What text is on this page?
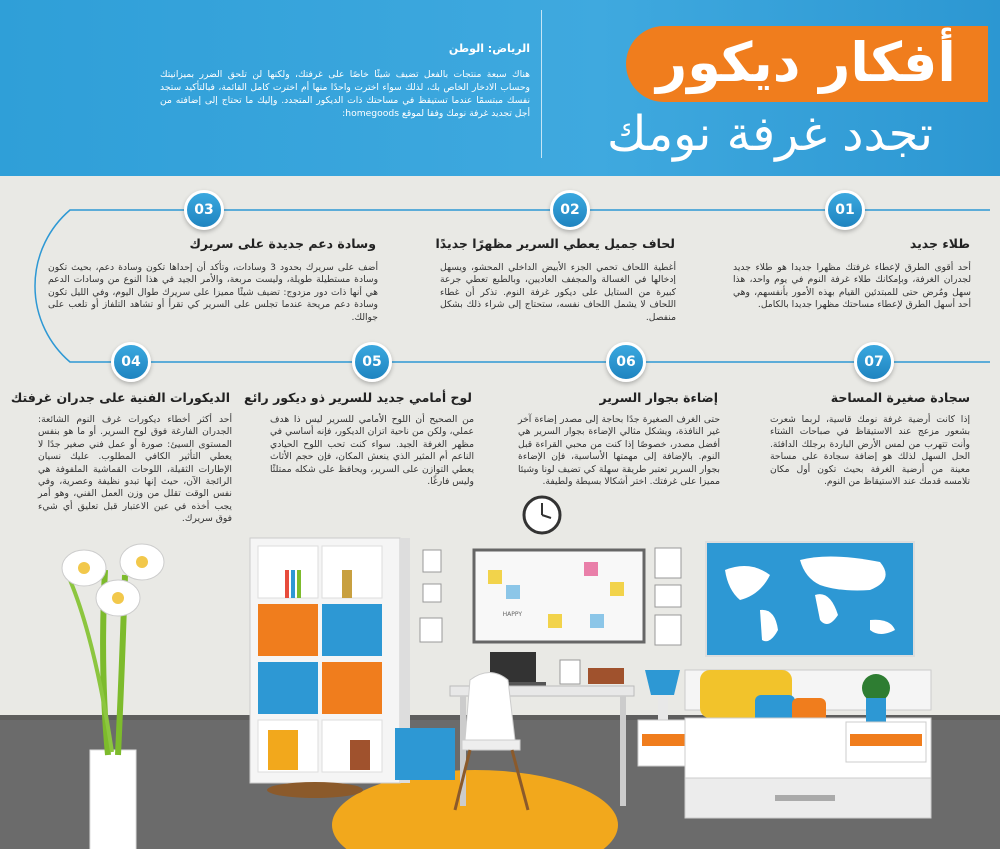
أفكار ديكور
تجدد غرفة نومك
الرياض: الوطن
هناك سبعة منتجات بالفعل تضيف شيئًا خاصًا على غرفتك، ولكنها لن تلحق الضرر بميزانيتك وحساب الادخار الخاص بك، لذلك سواء اخترت واحدًا منها أم اخترت كامل القائمة، فبالتأكيد ستجد نفسك مبتسمًا عندما تستيقظ في مساحتك ذات الديكور المتجدد. وإليك ما تحتاج إلى إضافته من أجل تجديد غرفة نومك وفقا لموقع homegoods:
01
02
03
04	05	06	07
طلاء جديد
أحد أقوى الطرق لإعطاء غرفتك مظهرا جديدا هو طلاء جديد لجدران الغرفة، وبإمكانك طلاء غرفة النوم في يوم واحد، هذا سهل ومُرض حتى للمبتدئين القيام بهذه الأمور بأنفسهم، وهي أحد أسهل الطرق لإعطاء مساحتك مظهرا جديدا بالكامل.
لحاف جميل يعطي السرير مظهرًا جديدًا
أغطية اللحاف تحمي الجزء الأبيض الداخلي المحشو، ويسهل إدخالها في الغسالة والمجفف العاديين، وبالطبع تعطي جرعة كبيرة من الستايل على ديكور غرفة النوم. تذكر أن غطاء اللحاف لا يشمل اللحاف نفسه، ستحتاج إلى شراء ذلك بشكل منفصل.
وسادة دعم جديدة على سريرك
أضف على سريرك بحدود 3 وسادات، وتأكد أن إحداها تكون وسادة دعم، بحيث تكون وسادة مستطيلة طويلة، وليست مربعة، والأمر الجيد في هذا النوع من وسادات الدعم هي أنها ذات دور مزدوج: تضيف شيئًا مميزا على سريرك طوال اليوم، وفي الليل تكون وسادة دعم مريحة عندما تجلس على السرير كي تقرأ أو تشاهد التلفاز أو تلعب على جوالك.
الديكورات الفنية على جدران غرفتك
أحد أكثر أخطاء ديكورات غرف النوم الشائعة: الجدران الفارغة فوق لوح السرير. أو ما هو بنفس المستوى السيئ: صورة أو عمل فني صغير جدًا لا يعطي التأثير الكافي المطلوب. عليك نسيان الإطارات الثقيلة، اللوحات القماشية الملفوفة هي الرائجة الآن، حيث إنها تبدو نظيفة وعصرية، وفي نفس الوقت تقلل من وزن العمل الفني، وهو أمر يجب أخذه في عين الاعتبار قبل تعليق أي شيء فوق سريرك.
لوح أمامي جديد للسرير ذو ديكور رائع
من الصحيح أن اللوح الأمامي للسرير ليس ذا هدف عملي، ولكن من ناحية اتزان الديكور، فإنه أساسي في مظهر الغرفة الجيد. سواء كنت تحب اللوح الحيادي الناعم أم المثير الذي ينعش المكان، فإن حجم الأثاث يعطي التوازن على السرير، ويحافظ على شكله ممتلئًا وليس فارغًا.
إضاءة بجوار السرير
حتى الغرف الصغيرة جدًا بحاجة إلى مصدر إضاءة آخر غير النافذة، ويشكل مثالي الإضاءة بجوار السرير هي أفضل مصدر، خصوصًا إذا كنت من محبي القراءة قبل النوم. بالإضافة إلى مهمتها الأساسية، فإن الإضاءة بجوار السرير تعتبر طريقة سهلة كي تضيف لونا وشيئا مميزا على غرفتك. اختر أشكالا بسيطة ولطيفة.
سجادة صغيرة المساحة
إذا كانت أرضية غرفة نومك قاسية، لربما شعرت بشعور مزعج عند الاستيقاظ في صباحات الشتاء وأنت تتهرب من لمس الأرض الباردة برجلك الدافئة. الحل السهل لذلك هو إضافة سجادة على مساحة معينة من أرضية الغرفة بحيث تكون أول مكان تلامسه قدمك عند الاستيقاظ من النوم.
HAPPY
